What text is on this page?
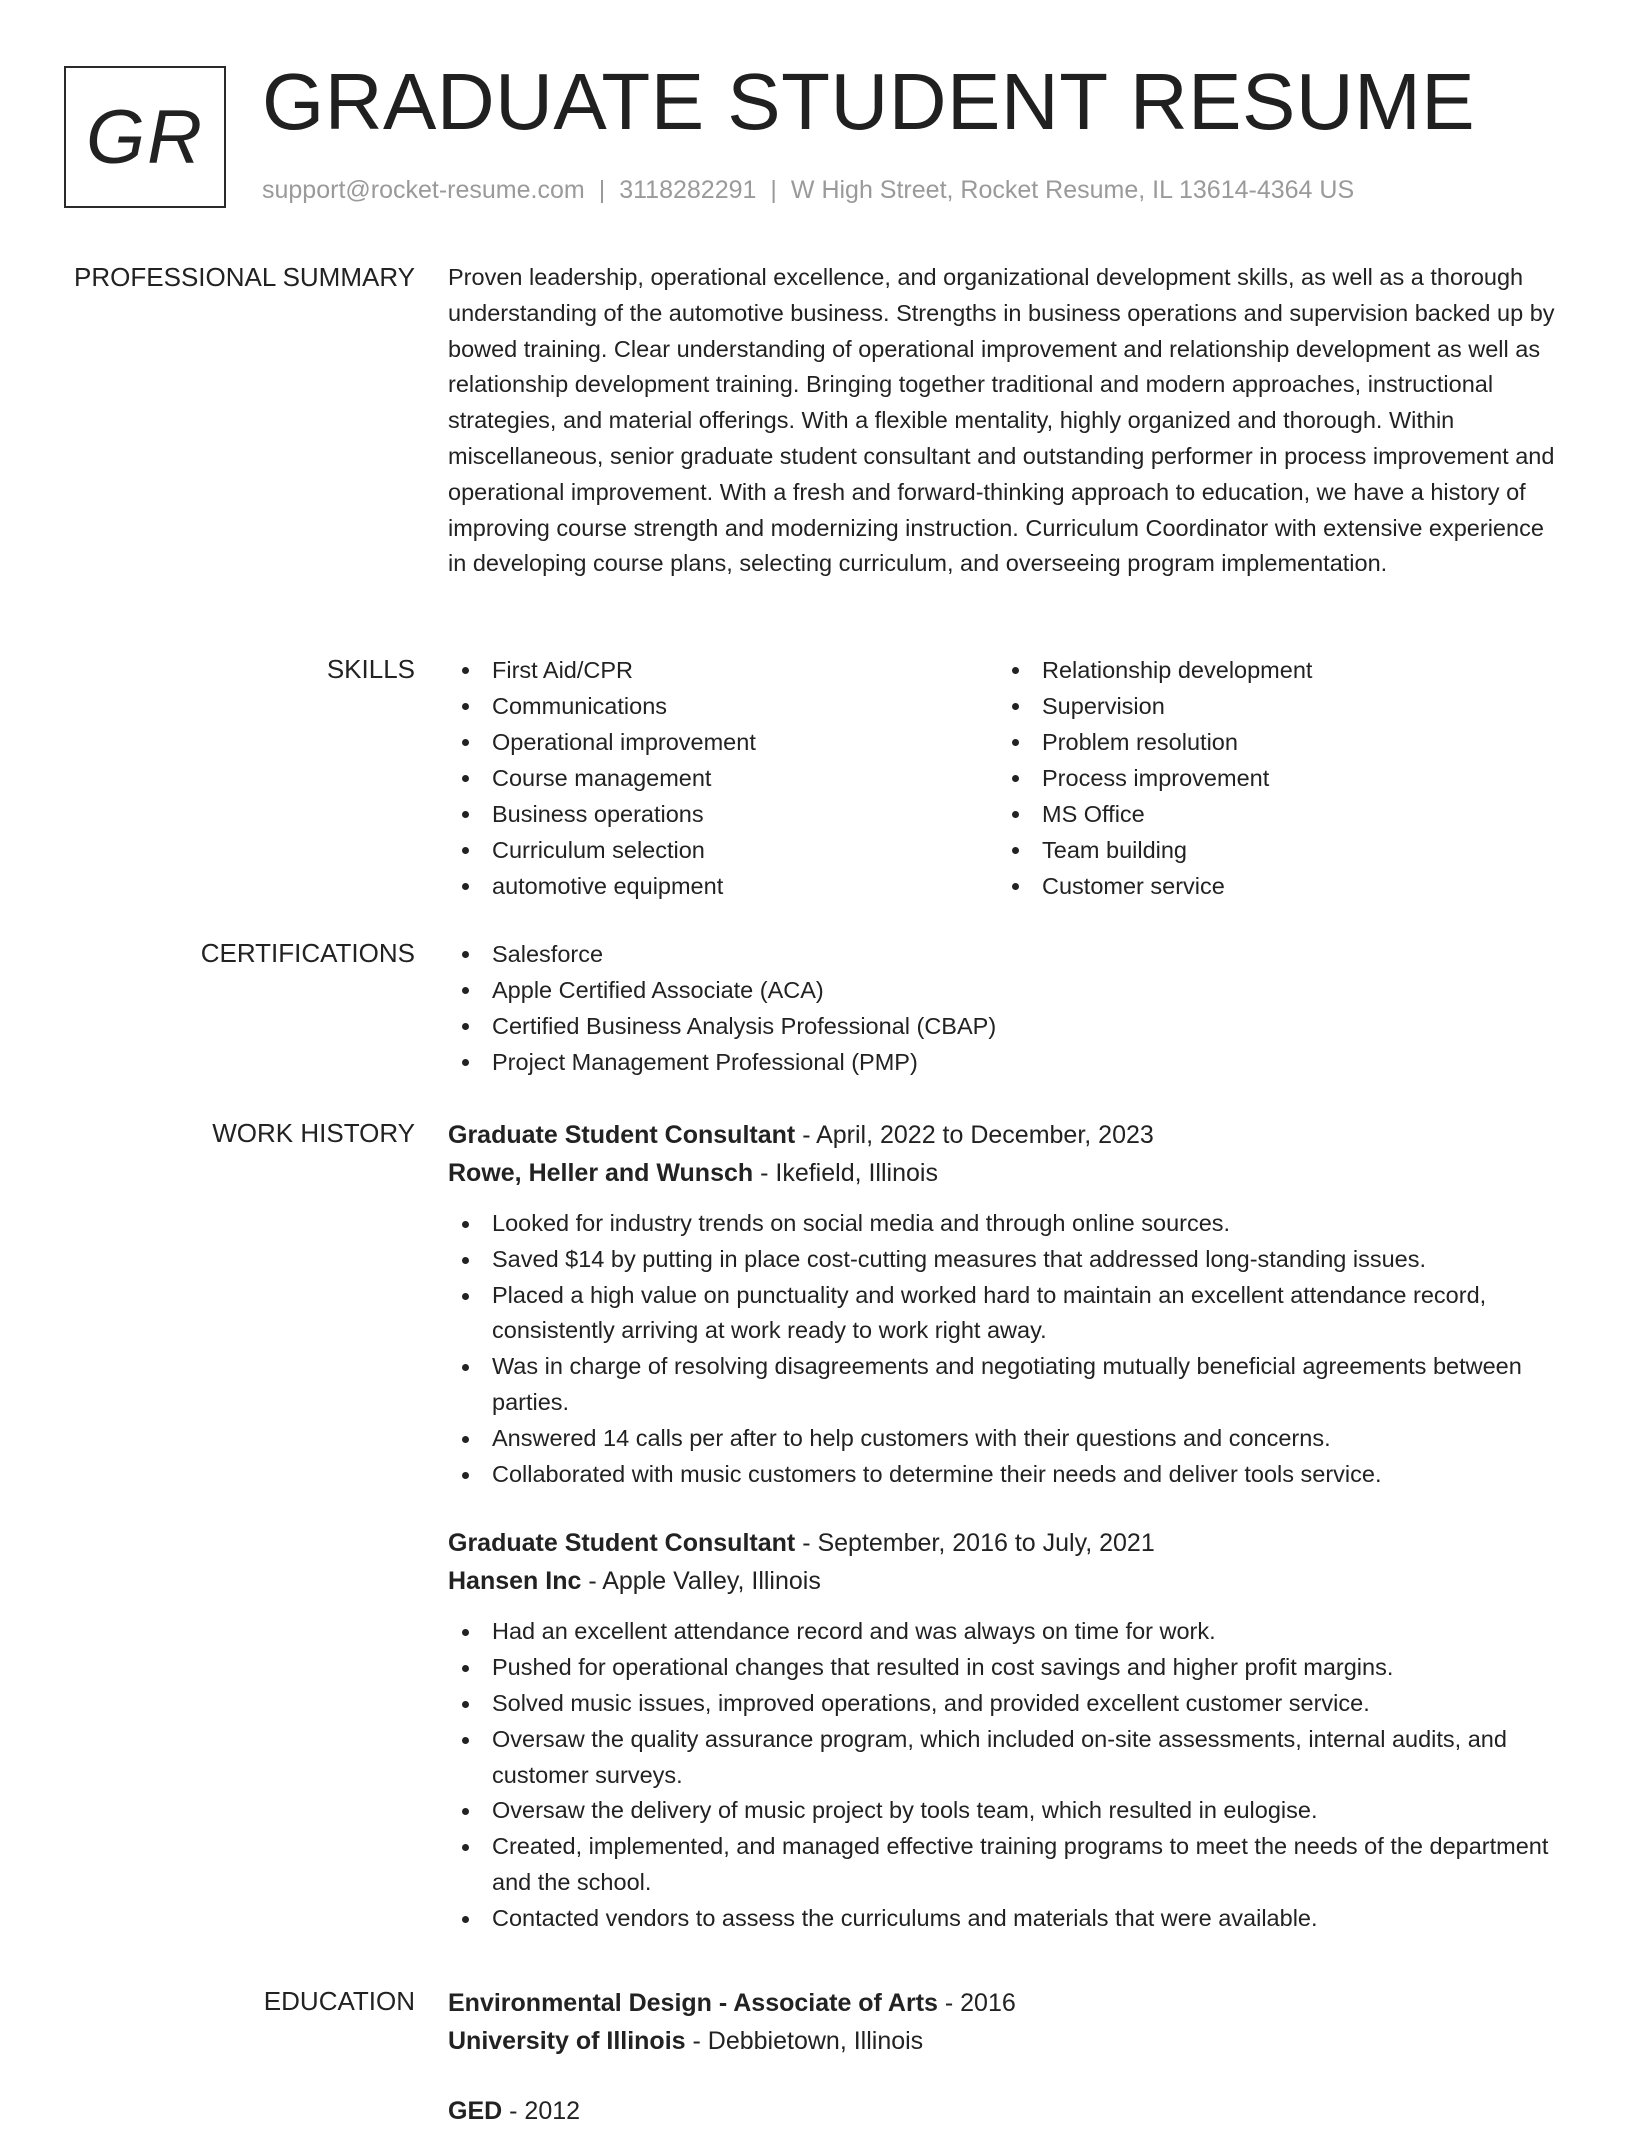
GR GRADUATE STUDENT RESUME
support@rocket-resume.com | 3118282291 | W High Street, Rocket Resume, IL 13614-4364 US
PROFESSIONAL SUMMARY Proven leadership, operational excellence, and organizational development skills, as well as a thorough understanding of the automotive business. Strengths in business operations and supervision backed up by bowed training. Clear understanding of operational improvement and relationship development as well as relationship development training. Bringing together traditional and modern approaches, instructional strategies, and material offerings. With a flexible mentality, highly organized and thorough. Within miscellaneous, senior graduate student consultant and outstanding performer in process improvement and operational improvement. With a fresh and forward-thinking approach to education, we have a history of improving course strength and modernizing instruction. Curriculum Coordinator with extensive experience in developing course plans, selecting curriculum, and overseeing program implementation.

SKILLS	First Aid/CPR
Communications
Operational improvement
Course management
Business operations
Curriculum selection
automotive equipment
Relationship development
Supervision
Problem resolution
Process improvement
MS Office
Team building
Customer service
CERTIFICATIONS	Salesforce
Apple Certified Associate (ACA)
Certified Business Analysis Professional (CBAP)
Project Management Professional (PMP)
WORK HISTORY Graduate Student Consultant - April, 2022 to December, 2023
Rowe, Heller and Wunsch - Ikefield, Illinois
Looked for industry trends on social media and through online sources.
Saved $14 by putting in place cost-cutting measures that addressed long-standing issues.
Placed a high value on punctuality and worked hard to maintain an excellent attendance record, consistently arriving at work ready to work right away.
Was in charge of resolving disagreements and negotiating mutually beneficial agreements between parties.
Answered 14 calls per after to help customers with their questions and concerns.
Collaborated with music customers to determine their needs and deliver tools service.
Graduate Student Consultant - September, 2016 to July, 2021
Hansen Inc - Apple Valley, Illinois
Had an excellent attendance record and was always on time for work.
Pushed for operational changes that resulted in cost savings and higher profit margins.
Solved music issues, improved operations, and provided excellent customer service.
Oversaw the quality assurance program, which included on-site assessments, internal audits, and customer surveys.
Oversaw the delivery of music project by tools team, which resulted in eulogise.
Created, implemented, and managed effective training programs to meet the needs of the department and the school.
Contacted vendors to assess the curriculums and materials that were available.
EDUCATION Environmental Design - Associate of Arts - 2016
University of Illinois - Debbietown, Illinois
GED - 2012
